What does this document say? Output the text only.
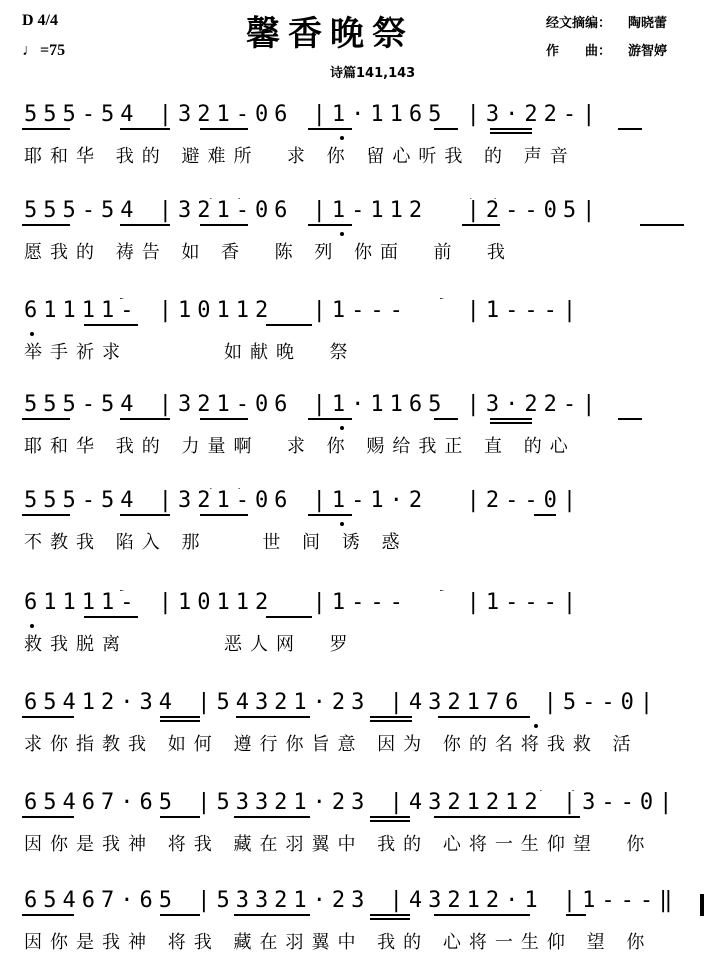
D 4/4
♩ =75	馨香晚祭
诗篇141,143
经文摘编： 陶晓蕾
作　　曲： 游智婷
555-54 |321-06 |1·1165 |3·22-|
耶和华 我的 避难所  求 你 留心听我 的 声音
555-54 |321-06 |1-112  |2--05|
愿我的 祷告 如 香  陈 列 你面  前  我
61111- |10112  |1---   |1---|
举手祈求       如献晚  祭
555-54 |321-06 |1·1165 |3·22-|
耶和华 我的 力量啊  求 你 赐给我正 直 的心
555-54 |321-06 |1-1·2  |2--0|
不教我 陷入 那    世 间 诱 惑
61111- |10112  |1---   |1---|
救我脱离       恶人网  罗
65412·34 |54321·23 |432176 |5--0|
求你指教我 如何 遵行你旨意 因为 你的名将我救 活
65467·65 |53321·23 |4321212 |3--0|
因你是我神 将我 藏在羽翼中 我的 心将一生仰望  你
65467·65 |53321·23 |43212·1 |1---‖
因你是我神 将我 藏在羽翼中 我的 心将一生仰 望 你
